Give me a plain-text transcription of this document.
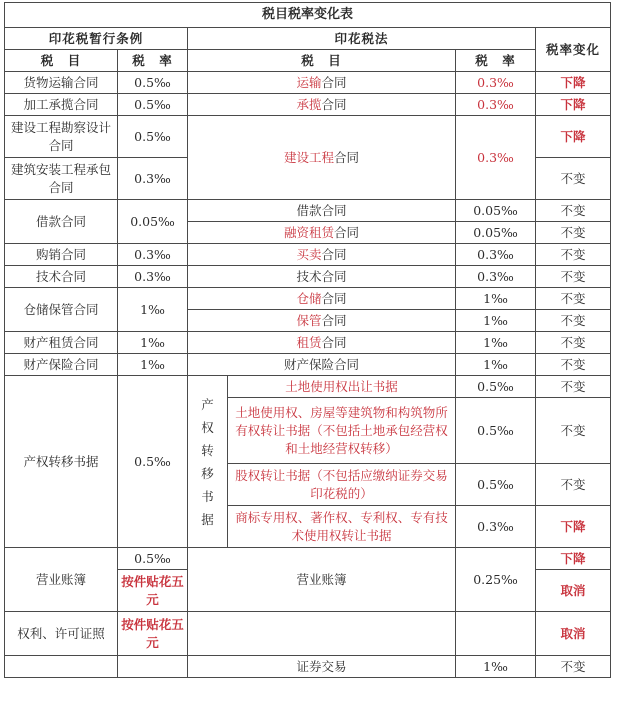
税目税率变化表					
印花税暂行条例		印花税法			税率变化
税　目	税　率	税　目		税　率	
货物运输合同	0.5‰	运输合同		0.3‰	下降
加工承揽合同	0.5‰	承揽合同		0.3‰	下降
建设工程勘察设计合同	0.5‰	建设工程合同		0.3‰	下降
建筑安装工程承包合同	0.3‰				不变
借款合同	0.05‰	借款合同		0.05‰	不变
		融资租赁合同		0.05‰	不变
购销合同	0.3‰	买卖合同		0.3‰	不变
技术合同	0.3‰	技术合同		0.3‰	不变
仓储保管合同	1‰	仓储合同		1‰	不变
		保管合同		1‰	不变
财产租赁合同	1‰	租赁合同		1‰	不变
财产保险合同	1‰	财产保险合同		1‰	不变
产权转移书据	0.5‰	产权转移书据	土地使用权出让书据	0.5‰	不变
			土地使用权、房屋等建筑物和构筑物所有权转让书据（不包括土地承包经营权和土地经营权转移）	0.5‰	不变
			股权转让书据（不包括应缴纳证券交易印花税的）	0.5‰	不变
			商标专用权、著作权、专利权、专有技术使用权转让书据	0.3‰	下降
营业账簿	0.5‰	营业账簿		0.25‰	下降
	按件贴花五元				取消
权利、许可证照	按件贴花五元				取消
		证券交易		1‰	不变
